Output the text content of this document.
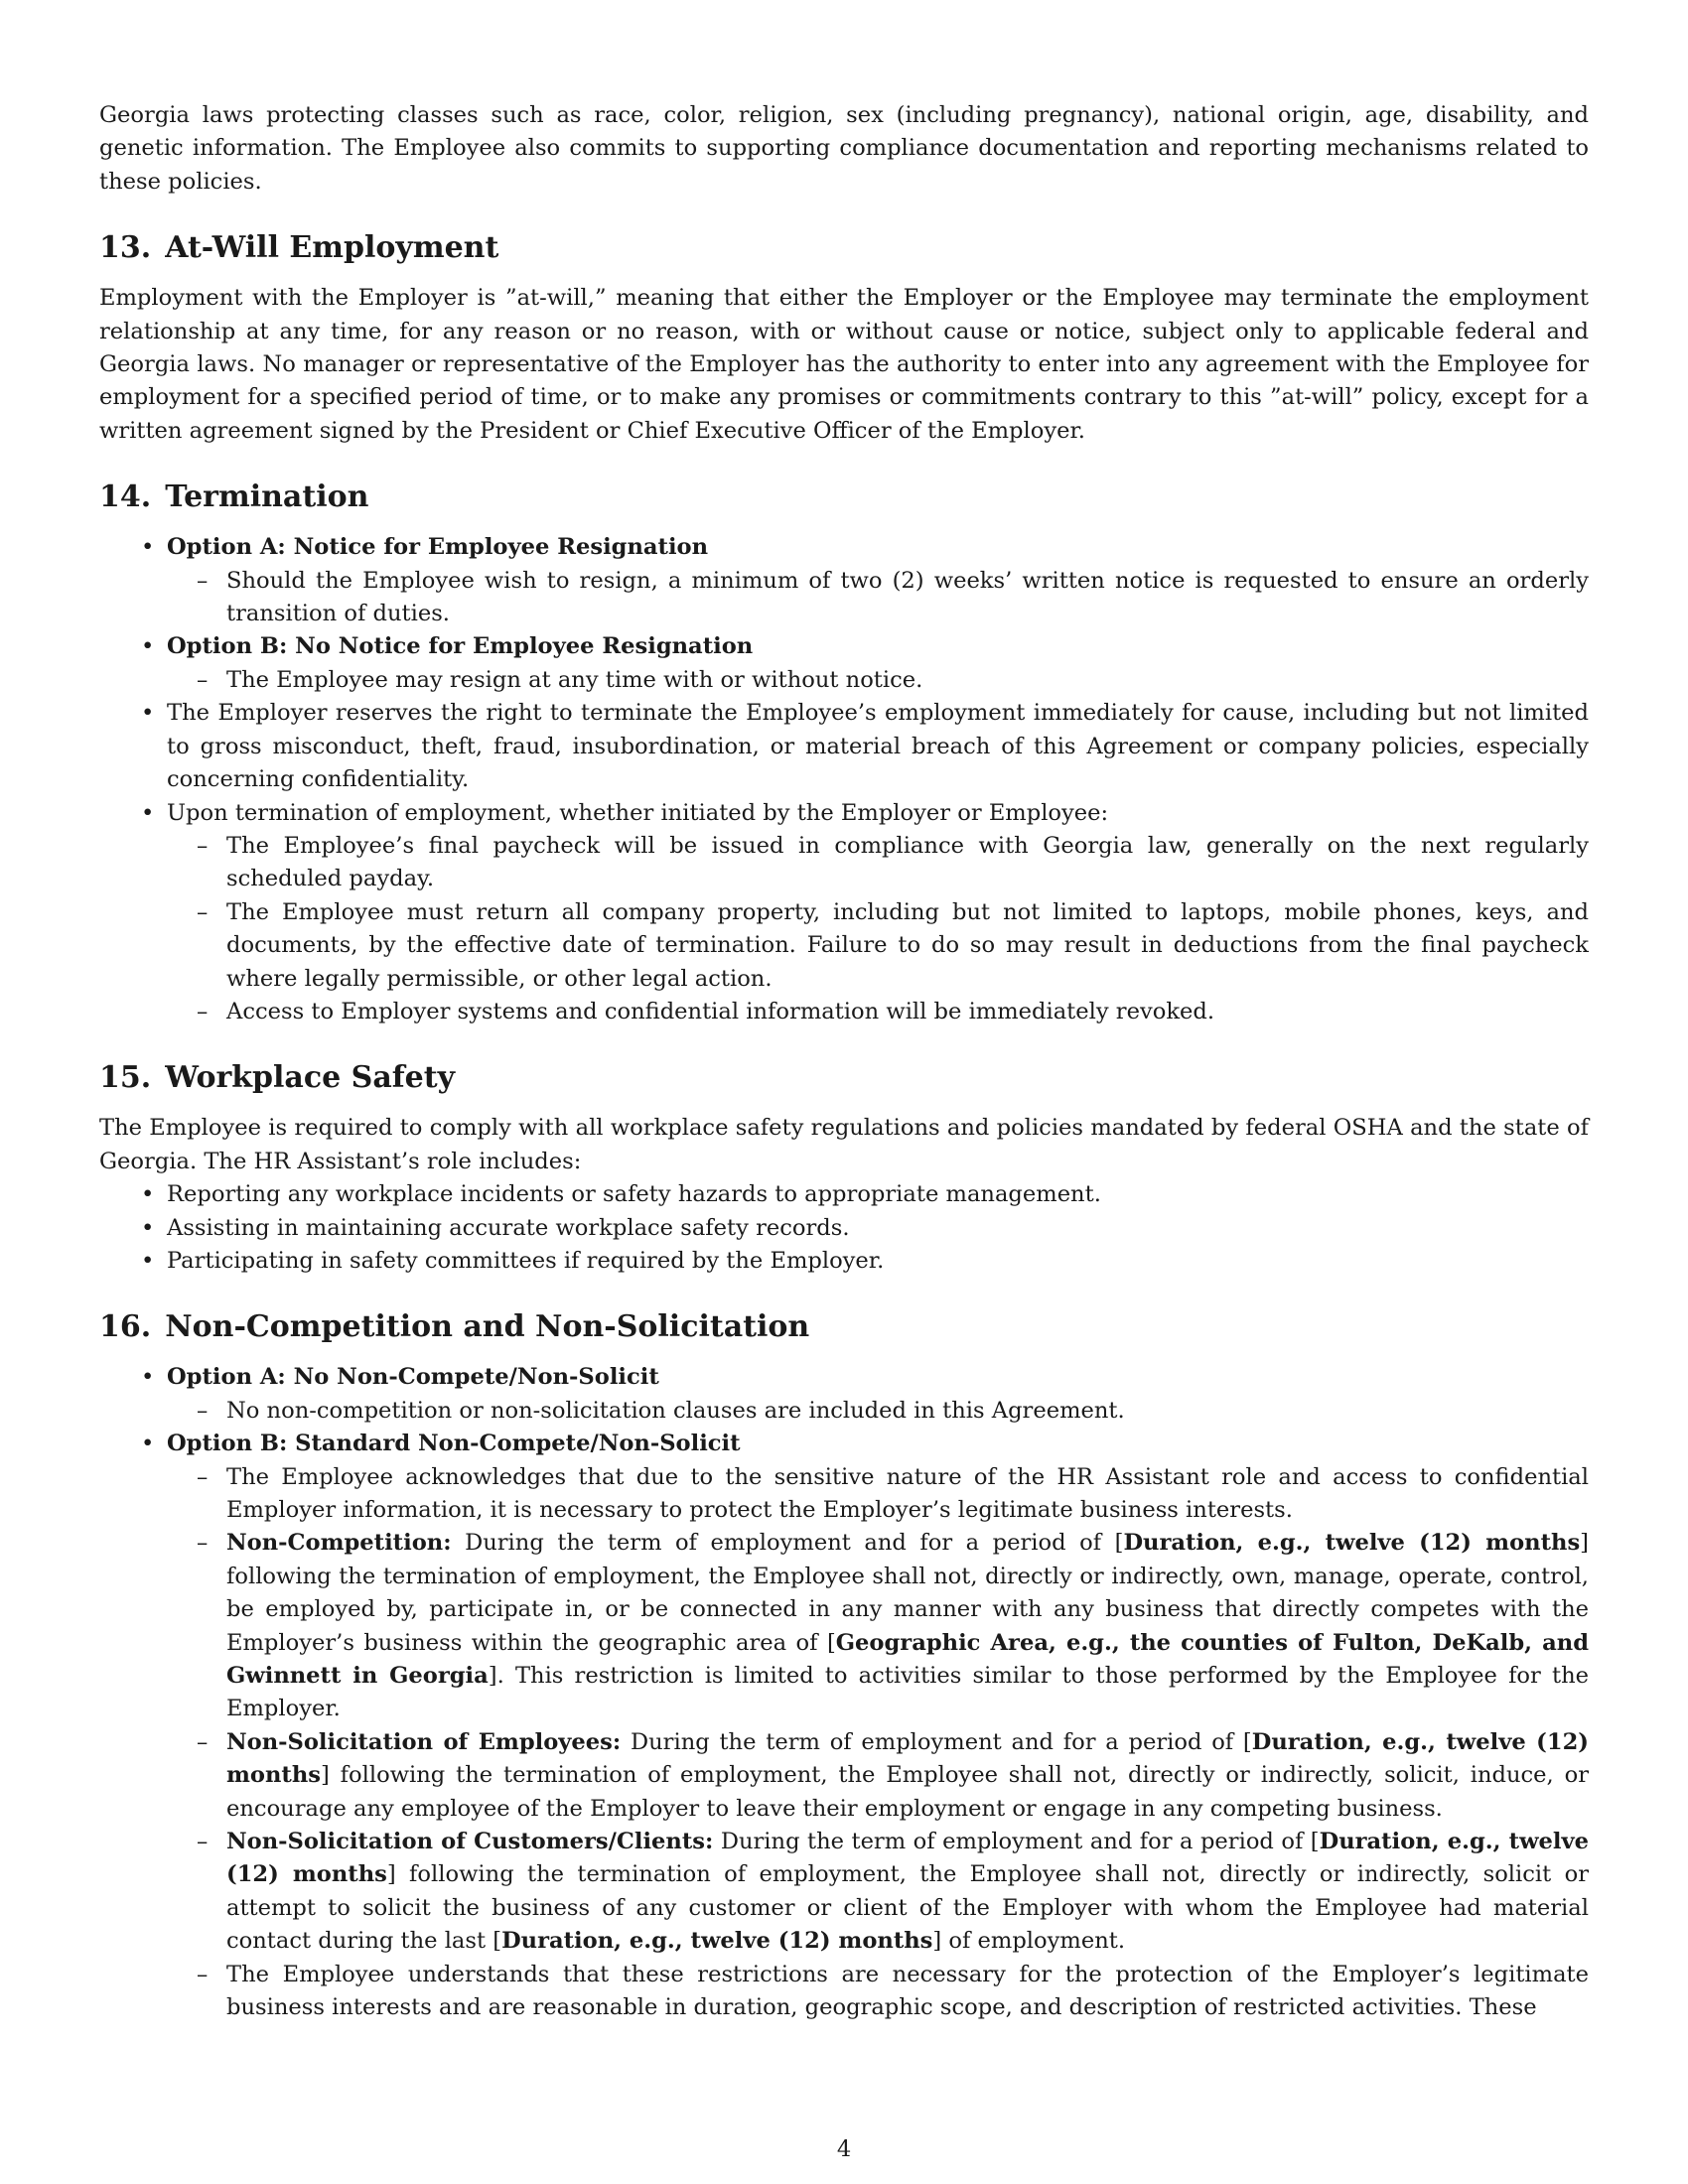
Georgia laws protecting classes such as race, color, religion, sex (including pregnancy), national origin, age, disability, and genetic information. The Employee also commits to supporting compliance documentation and reporting mechanisms related to these policies.

13. At-Will Employment

Employment with the Employer is ”at-will,” meaning that either the Employer or the Employee may terminate the employment relationship at any time, for any reason or no reason, with or without cause or notice, subject only to applicable federal and Georgia laws. No manager or representative of the Employer has the authority to enter into any agreement with the Employee for employment for a specified period of time, or to make any promises or commitments contrary to this ”at-will” policy, except for a written agreement signed by the President or Chief Executive Officer of the Employer.

14. Termination
• Option A: Notice for Employee Resignation
– Should the Employee wish to resign, a minimum of two (2) weeks’ written notice is requested to ensure an orderly transition of duties.
• Option B: No Notice for Employee Resignation
– The Employee may resign at any time with or without notice.
• The Employer reserves the right to terminate the Employee’s employment immediately for cause, including but not limited to gross misconduct, theft, fraud, insubordination, or material breach of this Agreement or company policies, especially concerning confidentiality.
• Upon termination of employment, whether initiated by the Employer or Employee:
– The Employee’s final paycheck will be issued in compliance with Georgia law, generally on the next regularly scheduled payday.
– The Employee must return all company property, including but not limited to laptops, mobile phones, keys, and documents, by the effective date of termination. Failure to do so may result in deductions from the final paycheck where legally permissible, or other legal action.
– Access to Employer systems and confidential information will be immediately revoked.
15. Workplace Safety

The Employee is required to comply with all workplace safety regulations and policies mandated by federal OSHA and the state of Georgia. The HR Assistant’s role includes:

• Reporting any workplace incidents or safety hazards to appropriate management.
• Assisting in maintaining accurate workplace safety records.
• Participating in safety committees if required by the Employer.
16. Non-Competition and Non-Solicitation
• Option A: No Non-Compete/Non-Solicit
– No non-competition or non-solicitation clauses are included in this Agreement.
• Option B: Standard Non-Compete/Non-Solicit
– The Employee acknowledges that due to the sensitive nature of the HR Assistant role and access to confidential Employer information, it is necessary to protect the Employer’s legitimate business interests.
– Non-Competition: During the term of employment and for a period of [Duration, e.g., twelve (12) months] following the termination of employment, the Employee shall not, directly or indirectly, own, manage, operate, control, be employed by, participate in, or be connected in any manner with any business that directly competes with the Employer’s business within the geographic area of [Geographic Area, e.g., the counties of Fulton, DeKalb, and Gwinnett in Georgia]. This restriction is limited to activities similar to those performed by the Employee for the Employer.
– Non-Solicitation of Employees: During the term of employment and for a period of [Duration, e.g., twelve (12) months] following the termination of employment, the Employee shall not, directly or indirectly, solicit, induce, or encourage any employee of the Employer to leave their employment or engage in any competing business.
– Non-Solicitation of Customers/Clients: During the term of employment and for a period of [Duration, e.g., twelve (12) months] following the termination of employment, the Employee shall not, directly or indirectly, solicit or attempt to solicit the business of any customer or client of the Employer with whom the Employee had material contact during the last [Duration, e.g., twelve (12) months] of employment.
– The Employee understands that these restrictions are necessary for the protection of the Employer’s legitimate business interests and are reasonable in duration, geographic scope, and description of restricted activities. These
4
